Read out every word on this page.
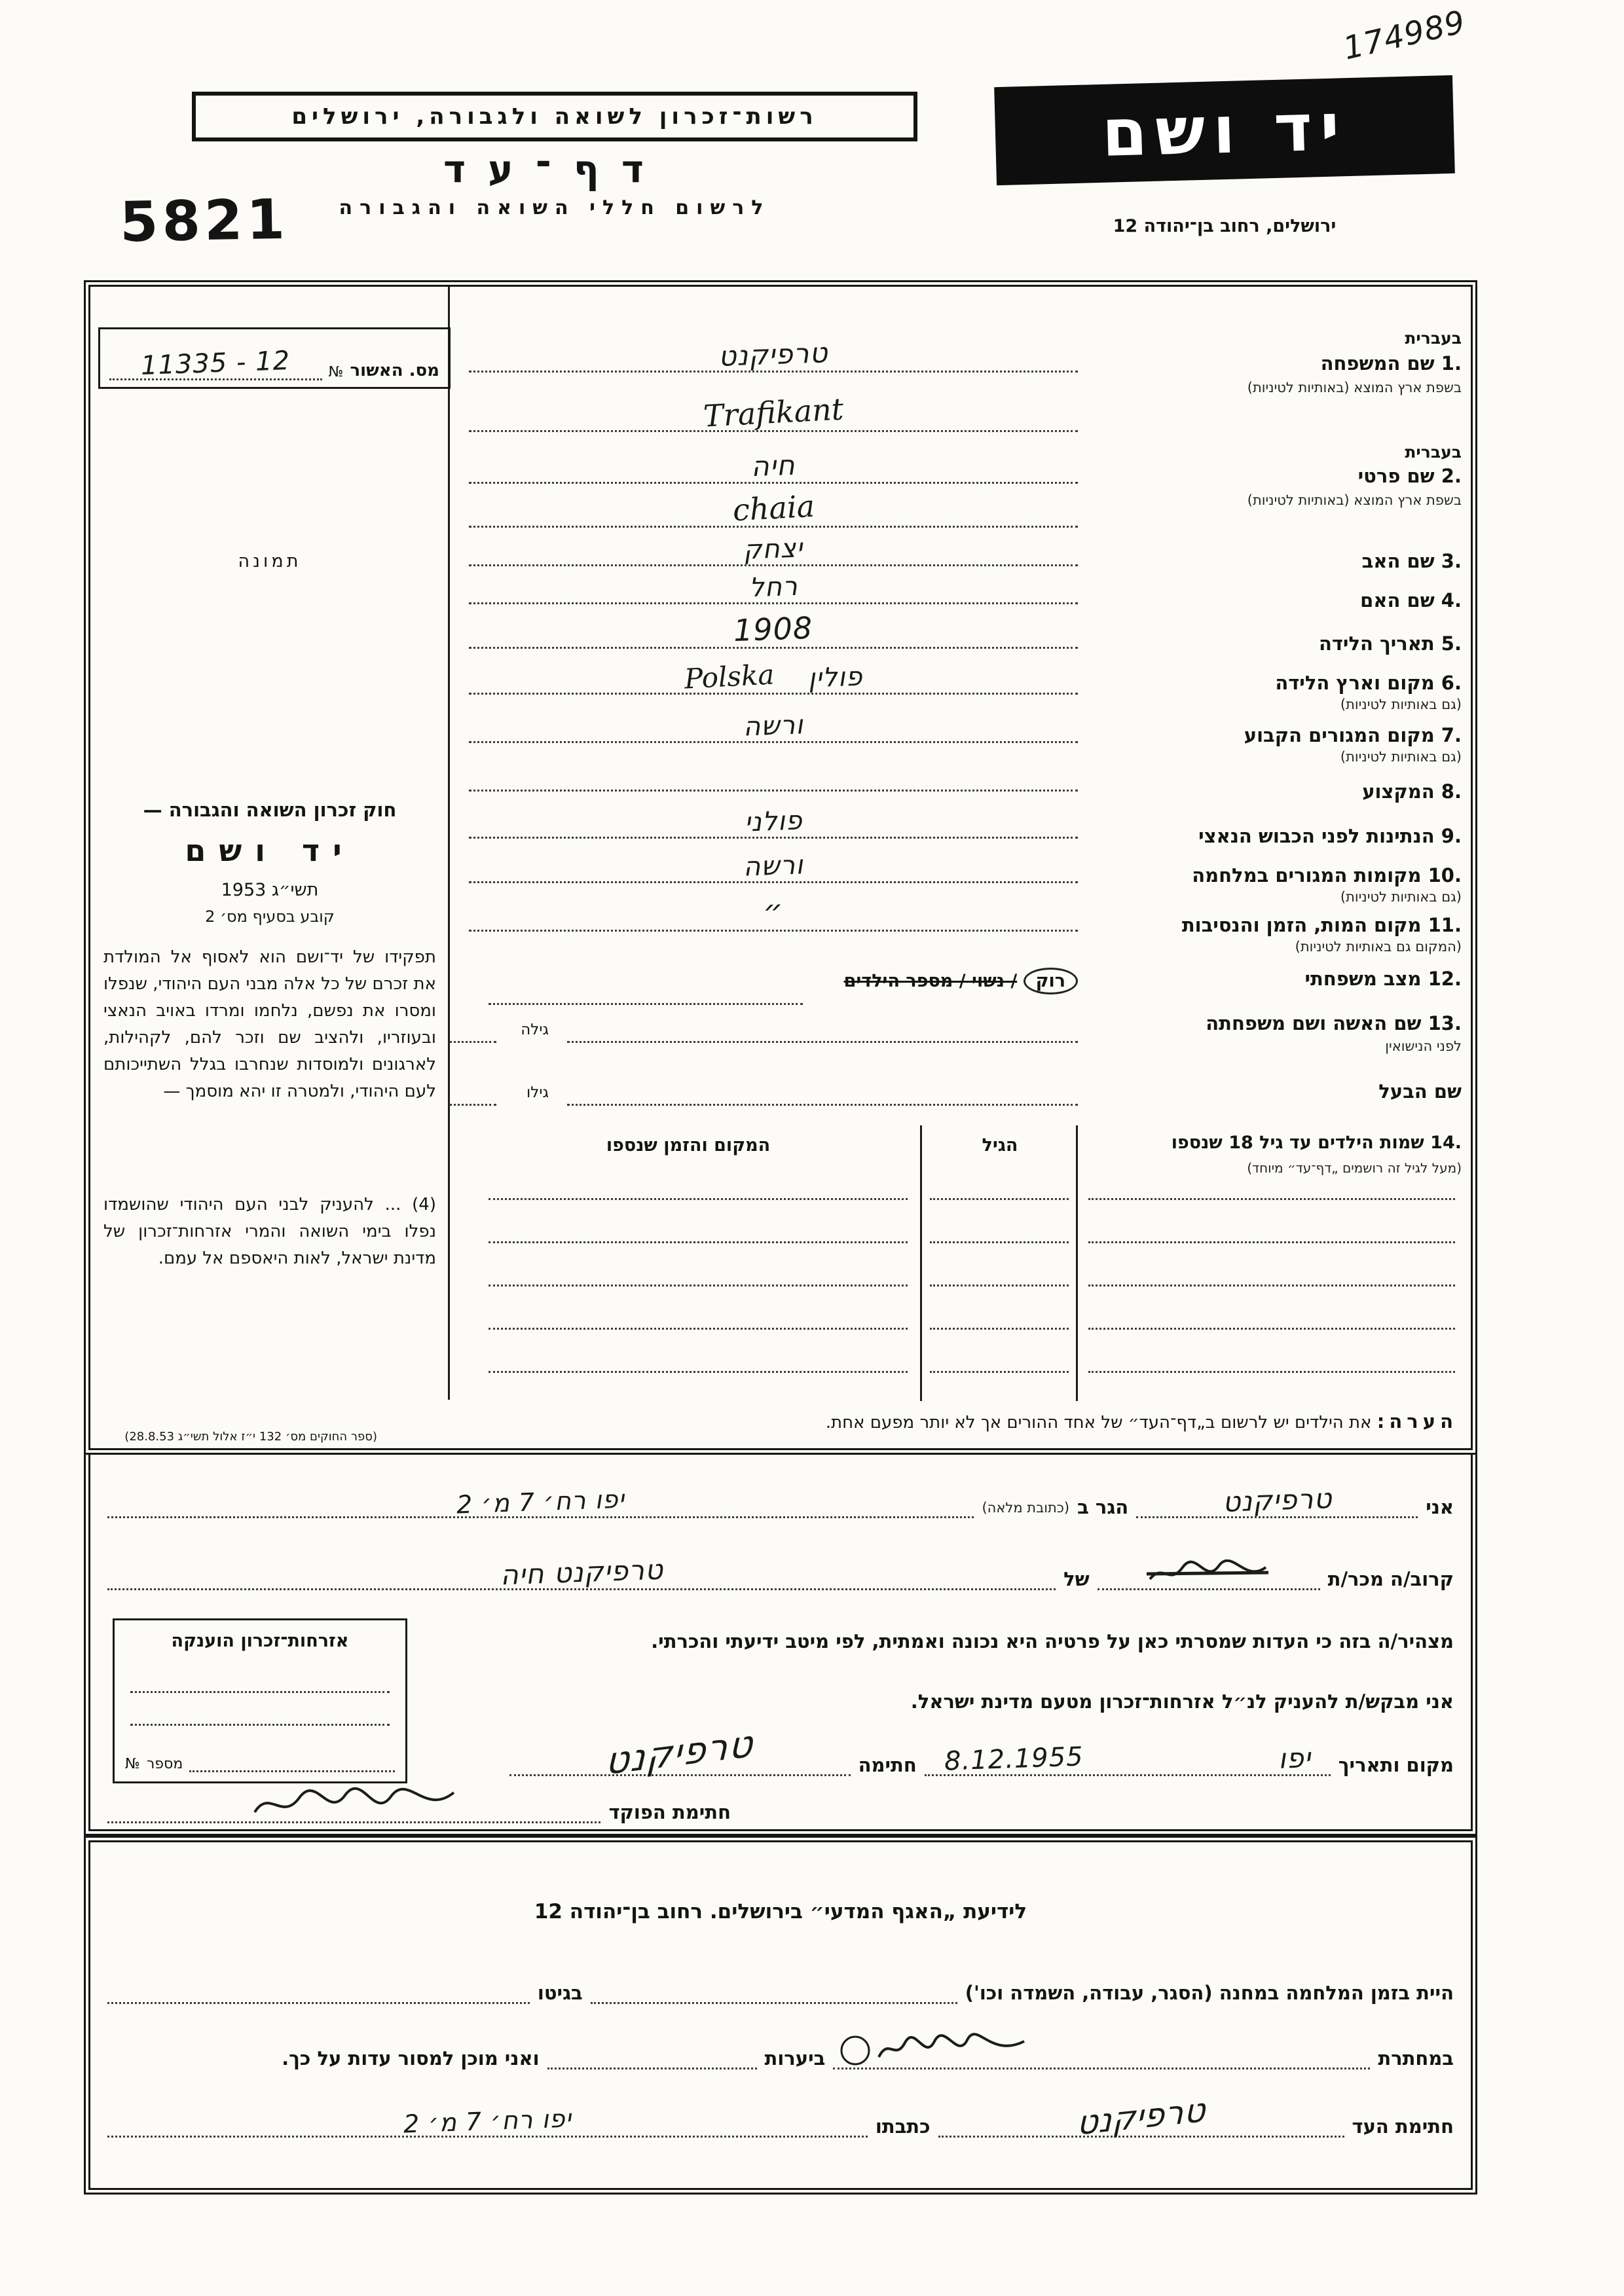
174989
רשות־זכרון לשואה ולגבורה, ירושלים
דף־עד
לרשום חללי השואה והגבורה
5821
יד ושם
ירושלים, רחוב בן־יהודה 12
מס. האשור
№
11335 - 12
תמונה
חוק זכרון השואה והגבורה —
יד ושם
תשי״ג 1953
קובע בסעיף מס׳ 2
תפקידו של יד־ושם הוא לאסוף אל המולדת את זכרם של כל אלה מבני העם היהודי, שנפלו ומסרו את נפשם, נלחמו ומרדו באויב הנאצי ובעוזריו, ולהציב שם וזכר להם, לקהילות, לארגונים ולמוסדות שנחרבו בגלל השתייכותם לעם היהודי, ולמטרה זו יהא מוסמך —
(4) ... להעניק לבני העם היהודי שהושמדו נפלו בימי השואה והמרי אזרחות־זכרון של מדינת ישראל, לאות היאספם אל עמם.
(ספר החוקים מס׳ 132 י״ז אלול תשי״ג 28.8.53)
בעברית
1. שם המשפחה
בשפת ארץ המוצא (באותיות לטיניות)
טרפיקנט
Trafikant
בעברית
2. שם פרטי
בשפת ארץ המוצא (באותיות לטיניות)
חיה
chaia
3. שם האב
יצחק
4. שם האם
רחל
5. תאריך הלידה
1908
6. מקום וארץ הלידה
(גם באותיות לטיניות)
פולין
Polska
7. מקום המגורים הקבוע
(גם באותיות לטיניות)
ורשה
8. המקצוע
9. הנתינות לפני הכבוש הנאצי
פולני
10. מקומות המגורים במלחמה
(גם באותיות לטיניות)
ורשה
11. מקום המות, הזמן והנסיבות
(המקום גם באותיות לטיניות)
״
12. מצב משפחתי
רוק / נשוי / מספר הילדים
13. שם האשה ושם משפחתה
לפני הנישואין
גילה
שם הבעל
גילו
14. שמות הילדים עד גיל 18 שנספו
(מעל לגיל זה רושמים „דף־עד״ מיוחד)
הגיל
המקום והזמן שנספו
הערה: את הילדים יש לרשום ב„דף־העד״ של אחד ההורים אך לא יותר מפעם אחת.
אני
טרפיקנט
הגר ב
(כתובת מלאה)
יפו רח׳ 7 מ׳ 2
קרוב/ה מכר/ת
של
טרפיקנט חיה
מצהיר/ה בזה כי העדות שמסרתי כאן על פרטיה היא נכונה ואמתית, לפי מיטב ידיעתי והכרתי.
אני מבקש/ת להעניק לנ״ל אזרחות־זכרון מטעם מדינת ישראל.
מקום ותאריך
יפו
8.12.1955
חתימה
טרפיקנט
חתימת הפוקד
אזרחות־זכרון הוענקה
מספר
№
לידיעת „האגף המדעי״ בירושלים. רחוב בן־יהודה 12
היית בזמן המלחמה במחנה (הסגר, עבודה, השמדה וכו')
בגיטו
במחתרת
ביערות
ואני מוכן למסור עדות על כך.
חתימת העד
טרפיקנט
כתבתו
יפו רח׳ 7 מ׳ 2
